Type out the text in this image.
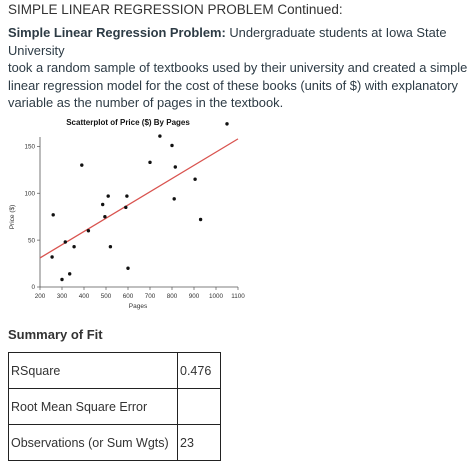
SIMPLE LINEAR REGRESSION PROBLEM Continued:
Simple Linear Regression Problem: Undergraduate students at Iowa State University
took a random sample of textbooks used by their university and created a simple
linear regression model for the cost of these books (units of $) with explanatory
variable as the number of pages in the textbook.
Scatterplot of Price ($) By Pages
Price ($)
Pages
200 300 400 500 600 700 800 900 1000 1100
0
50
100
150
Summary of Fit
RSquare	0.476
Root Mean Square Error	
Observations (or Sum Wgts)	23
